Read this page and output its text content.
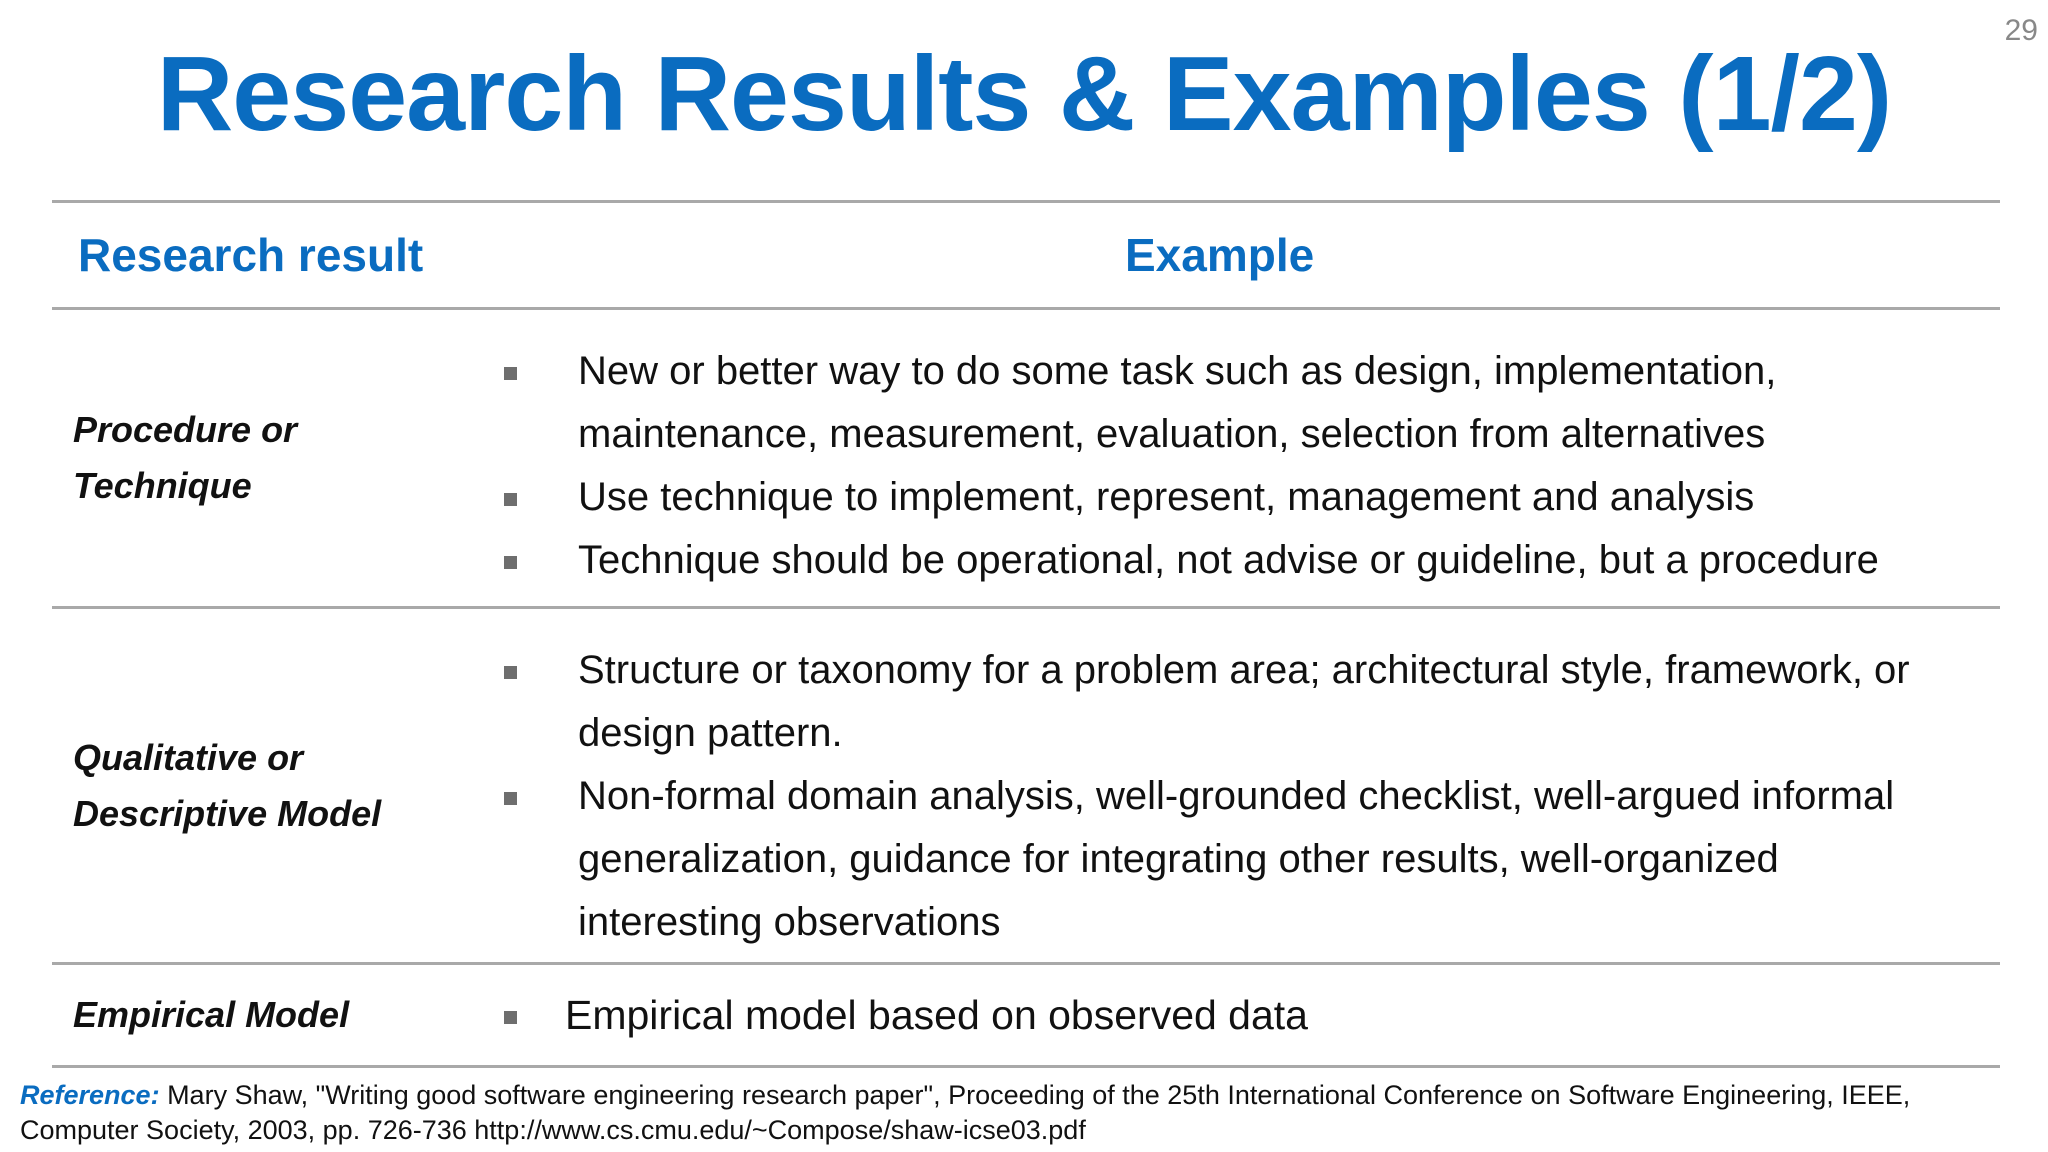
29
Research Results & Examples (1/2)
Research result	Example
Procedure or
Technique
New or better way to do some task such as design, implementation,
maintenance, measurement, evaluation, selection from alternatives
Use technique to implement, represent, management and analysis
Technique should be operational, not advise or guideline, but a procedure
Qualitative or
Descriptive Model
Structure or taxonomy for a problem area; architectural style, framework, or
design pattern.
Non-formal domain analysis, well-grounded checklist, well-argued informal
generalization, guidance for integrating other results, well-organized
interesting observations
Empirical Model	Empirical model based on observed data
Reference: Mary Shaw, "Writing good software engineering research paper", Proceeding of the 25th International Conference on Software Engineering, IEEE, Computer Society, 2003, pp. 726-736 http://www.cs.cmu.edu/~Compose/shaw-icse03.pdf
